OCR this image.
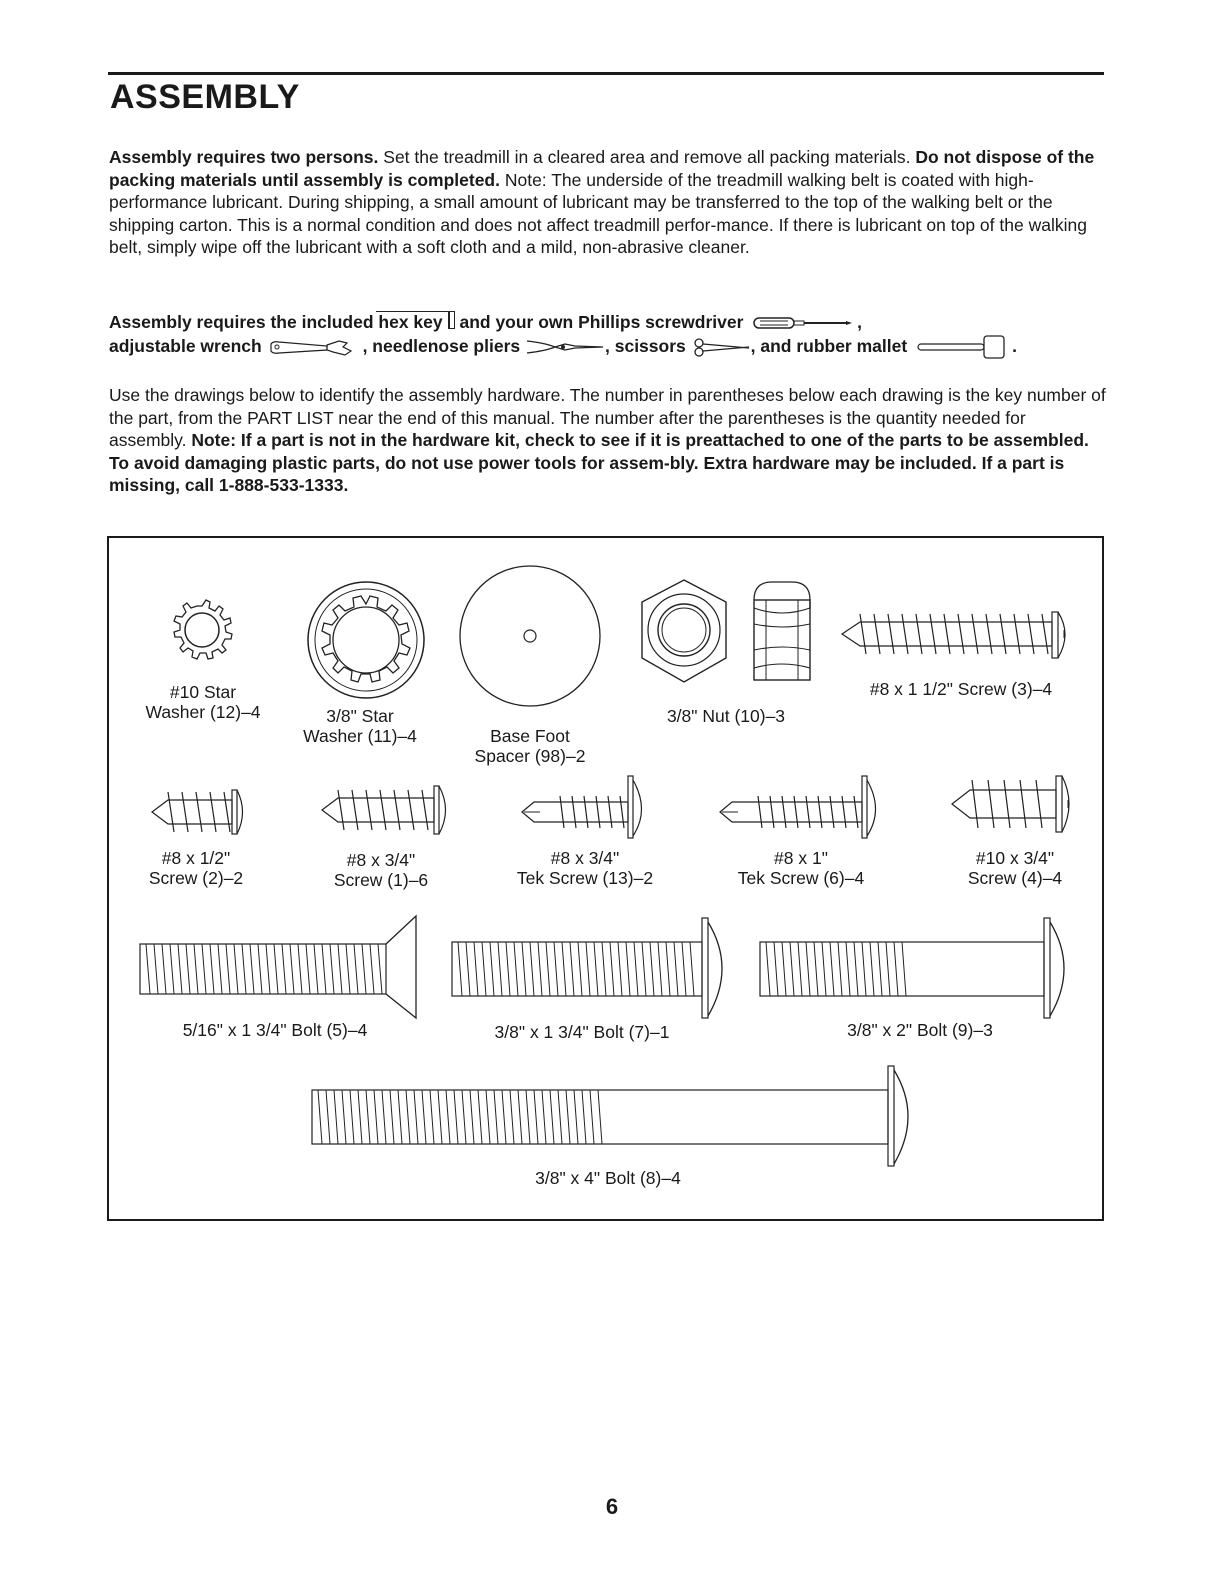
ASSEMBLY

Assembly requires two persons. Set the treadmill in a cleared area and remove all packing materials. Do not dispose of the packing materials until assembly is completed. Note: The underside of the treadmill walking belt is coated with high-performance lubricant. During shipping, a small amount of lubricant may be transferred to the top of the walking belt or the shipping carton. This is a normal condition and does not affect treadmill perfor-mance. If there is lubricant on top of the walking belt, simply wipe off the lubricant with a soft cloth and a mild, non-abrasive cleaner.

Assembly requires the included hex key
and your own Phillips screwdriver	,
adjustable wrench	, needlenose pliers	, scissors	, and rubber mallet	.

Use the drawings below to identify the assembly hardware. The number in parentheses below each drawing is the key number of the part, from the PART LIST near the end of this manual. The number after the parentheses is the quantity needed for assembly. Note: If a part is not in the hardware kit, check to see if it is preattached to one of the parts to be assembled. To avoid damaging plastic parts, do not use power tools for assem-bly. Extra hardware may be included. If a part is missing, call 1-888-533-1333.

#10 Star
Washer (12)–4	3/8" Star
Washer (11)–4	Base Foot
Spacer (98)–2
3/8" Nut (10)–3
#8 x 1 1/2" Screw (3)–4
#8 x 1/2"
Screw (2)–2
#8 x 3/4"
Screw (1)–6
#8 x 3/4"
Tek Screw (13)–2
#8 x 1"
Tek Screw (6)–4
#10 x 3/4"
Screw (4)–4
5/16" x 1 3/4" Bolt (5)–4	3/8" x 1 3/4" Bolt (7)–1	3/8" x 2" Bolt (9)–3
3/8" x 4" Bolt (8)–4
6
